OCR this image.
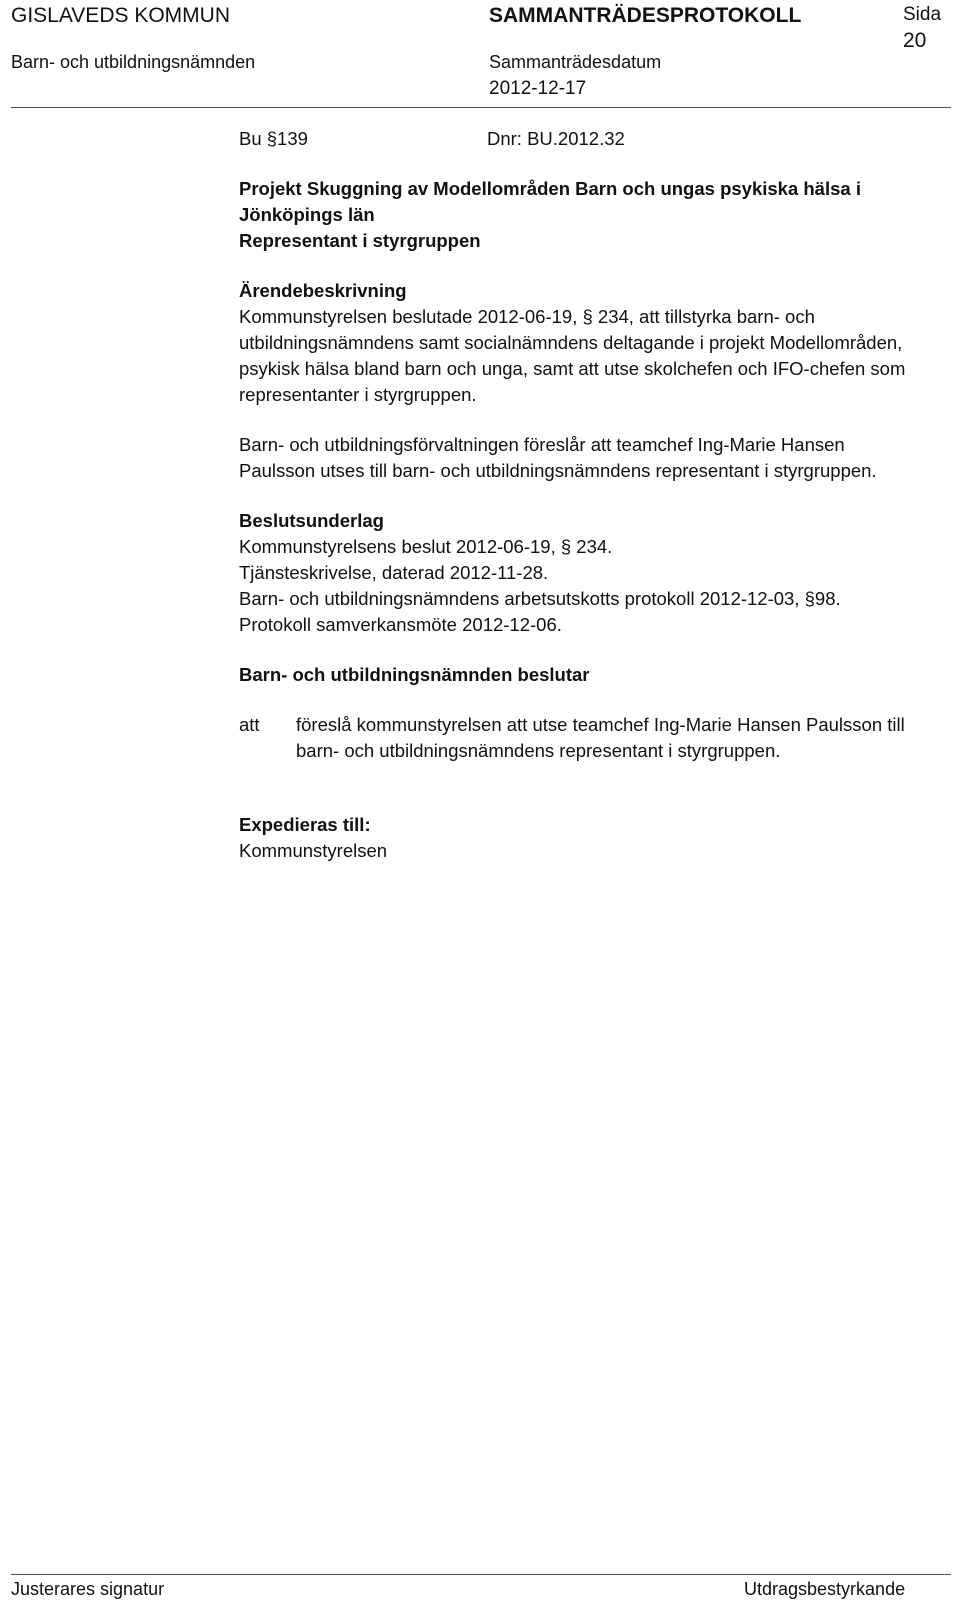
GISLAVEDS KOMMUN
Barn- och utbildningsnämnden
SAMMANTRÄDESPROTOKOLL
Sammanträdesdatum
2012-12-17
Sida
20
Bu §139	Dnr: BU.2012.32

Projekt Skuggning av Modellområden Barn och ungas psykiska hälsa i

Jönköpings län

Representant i styrgruppen

Ärendebeskrivning

Kommunstyrelsen beslutade 2012-06-19, § 234, att tillstyrka barn- och

utbildningsnämndens samt socialnämndens deltagande i projekt Modellområden,

psykisk hälsa bland barn och unga, samt att utse skolchefen och IFO-chefen som

representanter i styrgruppen.

Barn- och utbildningsförvaltningen föreslår att teamchef Ing-Marie Hansen

Paulsson utses till barn- och utbildningsnämndens representant i styrgruppen.

Beslutsunderlag

Kommunstyrelsens beslut 2012-06-19, § 234.

Tjänsteskrivelse, daterad 2012-11-28.

Barn- och utbildningsnämndens arbetsutskotts protokoll 2012-12-03, §98.

Protokoll samverkansmöte 2012-12-06.

Barn- och utbildningsnämnden beslutar

att	föreslå kommunstyrelsen att utse teamchef Ing-Marie Hansen Paulsson till

barn- och utbildningsnämndens representant i styrgruppen.

Expedieras till:

Kommunstyrelsen

Justerares signatur	Utdragsbestyrkande
